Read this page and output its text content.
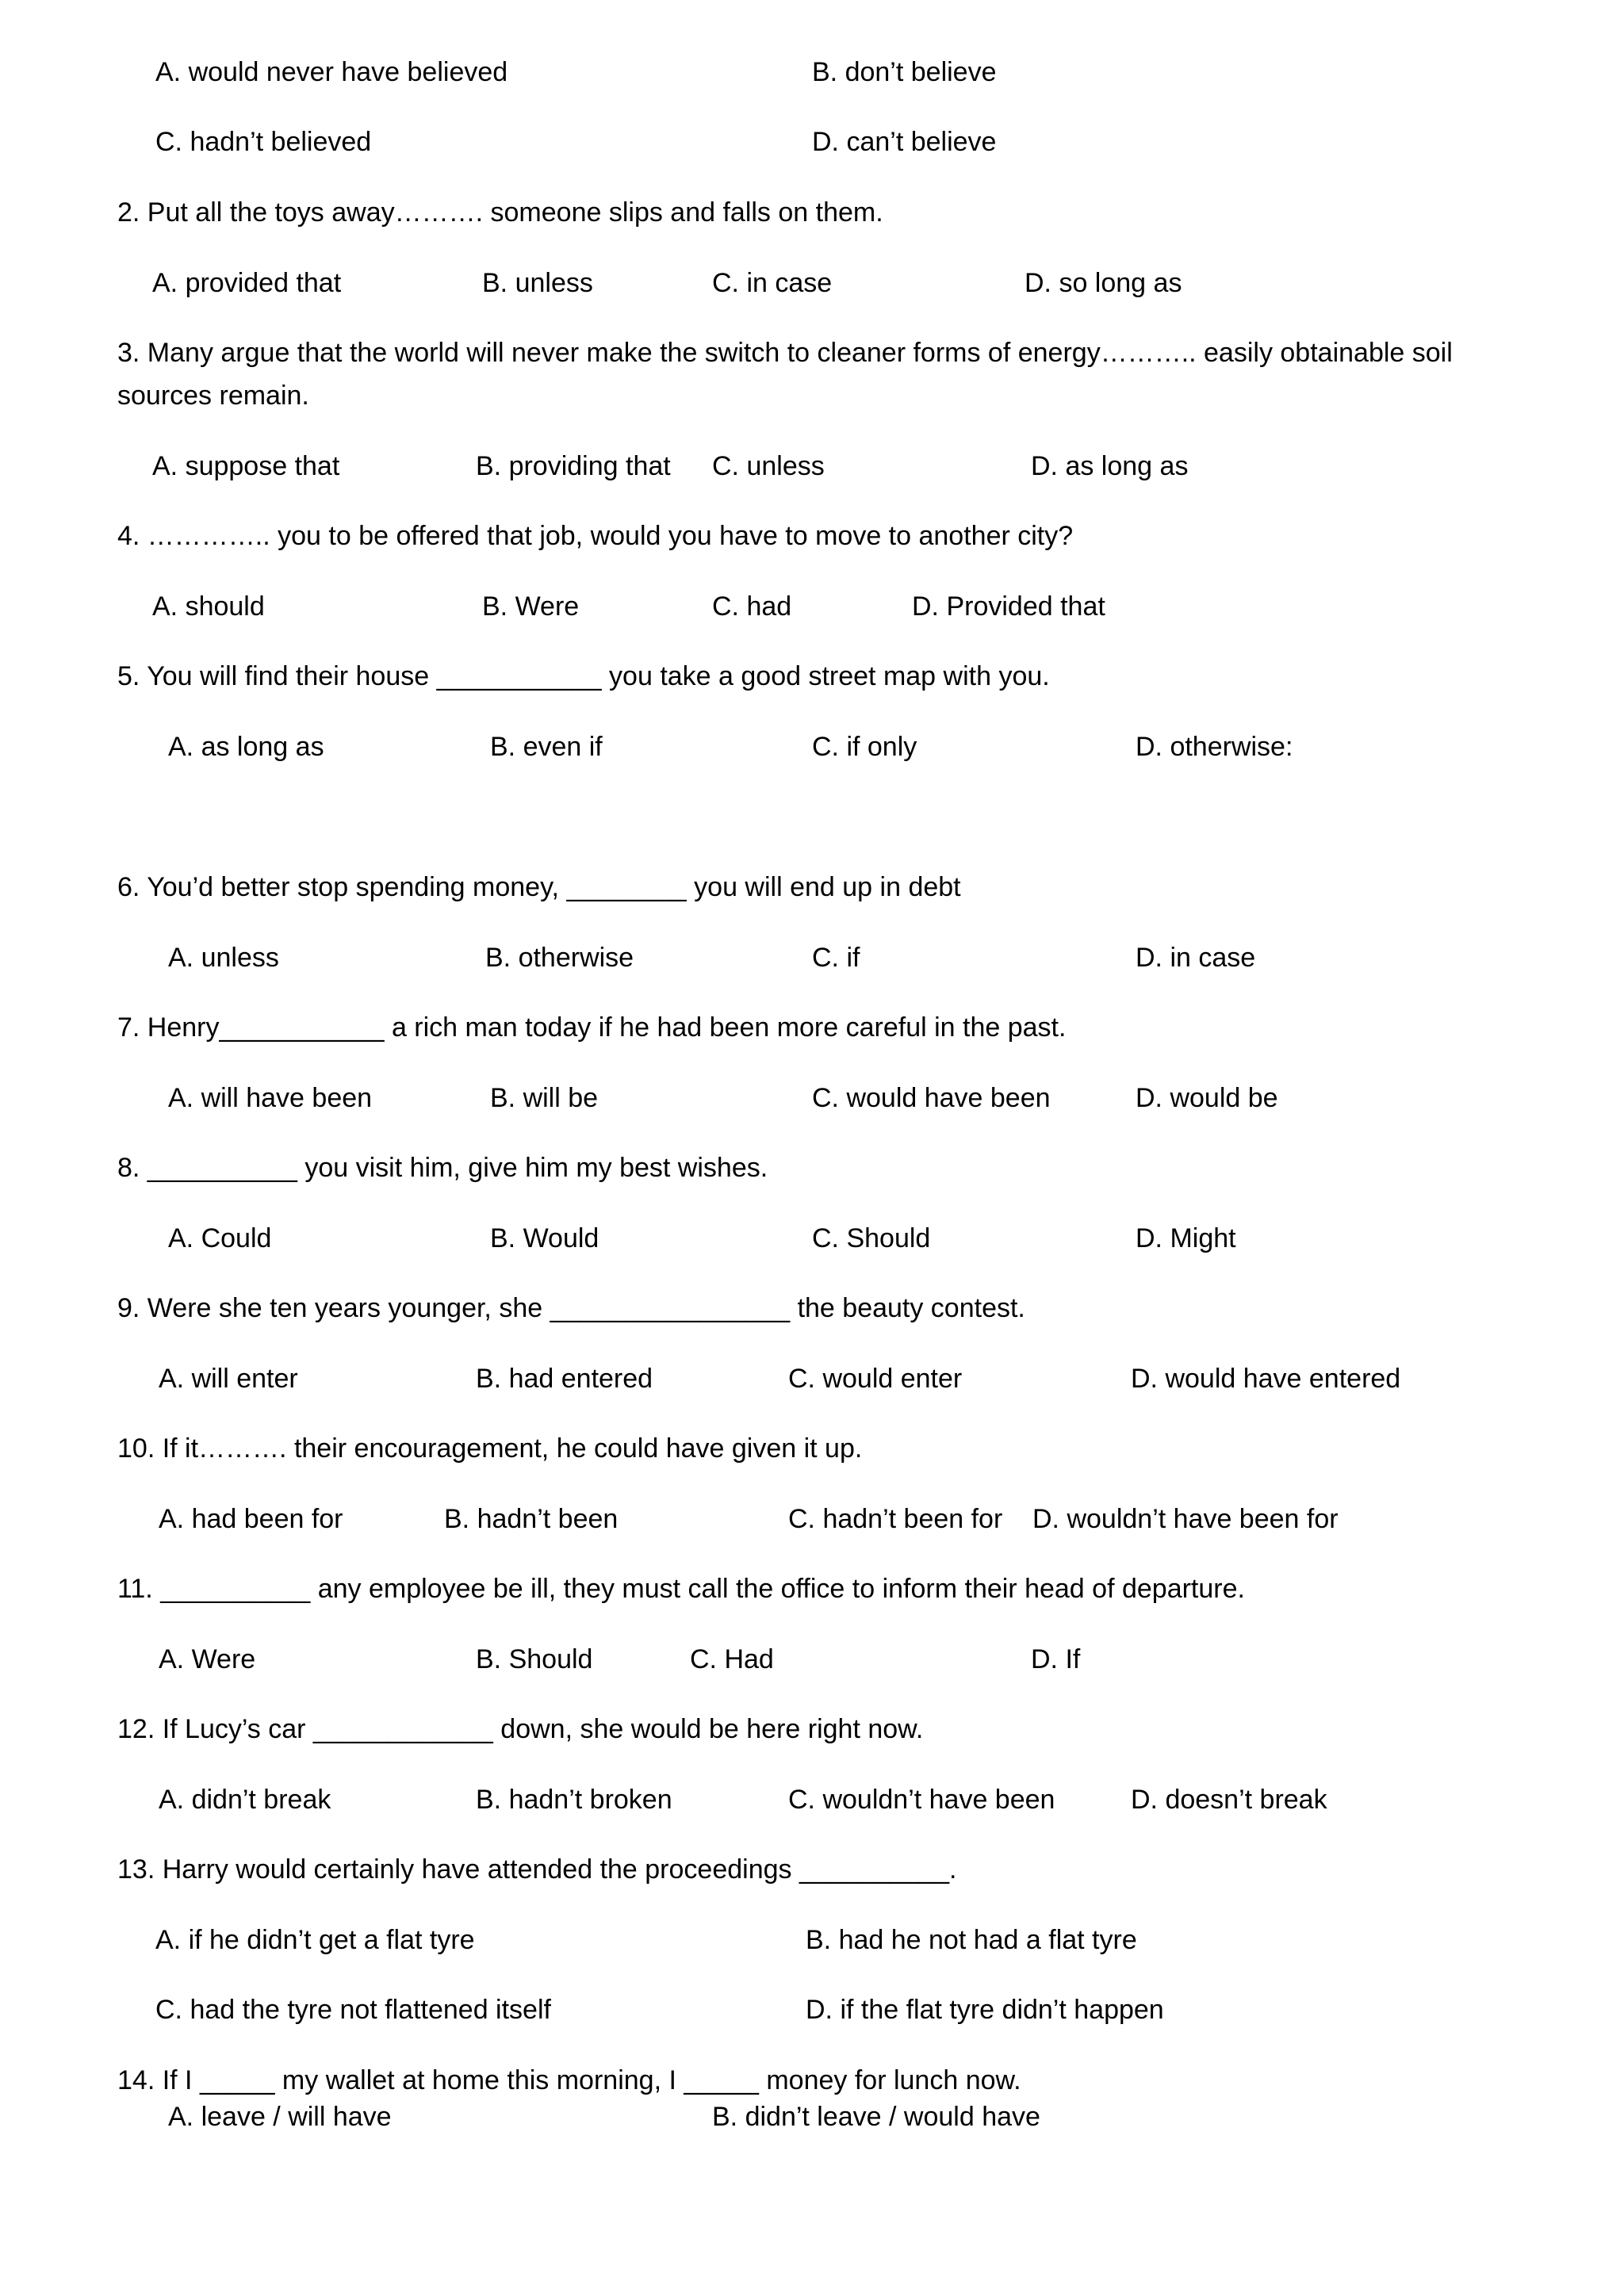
A. would never have believed	B. don’t believe
C. hadn’t believed	D. can’t believe
2. Put all the toys away………. someone slips and falls on them.
A. provided that	B. unless	C. in case	D. so long as
3. Many argue that the world will never make the switch to cleaner forms of energy……….. easily obtainable soil
sources remain.
A. suppose that	B. providing that C. unless	D. as long as
4. ………….. you to be offered that job, would you have to move to another city?
A. should	B. Were	C. had	D. Provided that
5. You will find their house ___________ you take a good street map with you.
A. as long as	B. even if	C. if only	D. otherwise:
6. You’d better stop spending money, ________ you will end up in debt
A. unless	B. otherwise	C. if	D. in case
7. Henry___________ a rich man today if he had been more careful in the past.
A. will have been	B. will be	C. would have been	D. would be
8. __________ you visit him, give him my best wishes.
A. Could	B. Would	C. Should	D. Might
9. Were she ten years younger, she ________________ the beauty contest.
A. will enter	B. had entered	C. would enter	D. would have entered
10. If it………. their encouragement, he could have given it up.
A. had been for	B. hadn’t been	C. hadn’t been for D. wouldn’t have been for
11. __________ any employee be ill, they must call the office to inform their head of departure.
A. Were	B. Should	C. Had	D. If
12. If Lucy’s car ____________ down, she would be here right now.
A. didn’t break	B. hadn’t broken	C. wouldn’t have been	D. doesn’t break
13. Harry would certainly have attended the proceedings __________.
A. if he didn’t get a flat tyre	B. had he not had a flat tyre
C. had the tyre not flattened itself	D. if the flat tyre didn’t happen
14. If I _____ my wallet at home this morning, I _____ money for lunch now.
A. leave / will have	B. didn’t leave / would have
